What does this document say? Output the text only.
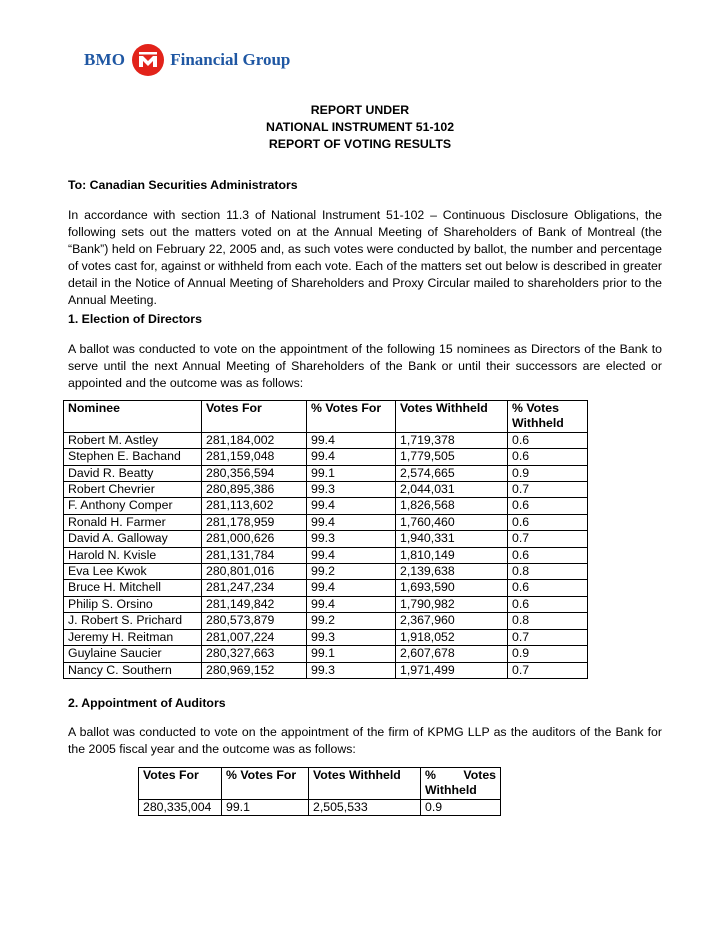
BMO	Financial Group
REPORT UNDER
NATIONAL INSTRUMENT 51-102
REPORT OF VOTING RESULTS
To: Canadian Securities Administrators

In accordance with section 11.3 of National Instrument 51-102 – Continuous Disclosure Obligations, the following sets out the matters voted on at the Annual Meeting of Shareholders of Bank of Montreal (the “Bank”) held on February 22, 2005 and, as such votes were conducted by ballot, the number and percentage of votes cast for, against or withheld from each vote. Each of the matters set out below is described in greater detail in the Notice of Annual Meeting of Shareholders and Proxy Circular mailed to shareholders prior to the Annual Meeting.

1. Election of Directors

A ballot was conducted to vote on the appointment of the following 15 nominees as Directors of the Bank to serve until the next Annual Meeting of Shareholders of the Bank or until their successors are elected or appointed and the outcome was as follows:

Nominee	Votes For	% Votes For	Votes Withheld	% Votes Withheld
Robert M. Astley	281,184,002	99.4	1,719,378	0.6
Stephen E. Bachand	281,159,048	99.4	1,779,505	0.6
David R. Beatty	280,356,594	99.1	2,574,665	0.9
Robert Chevrier	280,895,386	99.3	2,044,031	0.7
F. Anthony Comper	281,113,602	99.4	1,826,568	0.6
Ronald H. Farmer	281,178,959	99.4	1,760,460	0.6
David A. Galloway	281,000,626	99.3	1,940,331	0.7
Harold N. Kvisle	281,131,784	99.4	1,810,149	0.6
Eva Lee Kwok	280,801,016	99.2	2,139,638	0.8
Bruce H. Mitchell	281,247,234	99.4	1,693,590	0.6
Philip S. Orsino	281,149,842	99.4	1,790,982	0.6
J. Robert S. Prichard	280,573,879	99.2	2,367,960	0.8
Jeremy H. Reitman	281,007,224	99.3	1,918,052	0.7
Guylaine Saucier	280,327,663	99.1	2,607,678	0.9
Nancy C. Southern	280,969,152	99.3	1,971,499	0.7
2. Appointment of Auditors

A ballot was conducted to vote on the appointment of the firm of KPMG LLP as the auditors of the Bank for the 2005 fiscal year and the outcome was as follows:

Votes For	% Votes For	Votes Withheld	% Votes
Withheld

280,335,004	99.1	2,505,533	0.9
